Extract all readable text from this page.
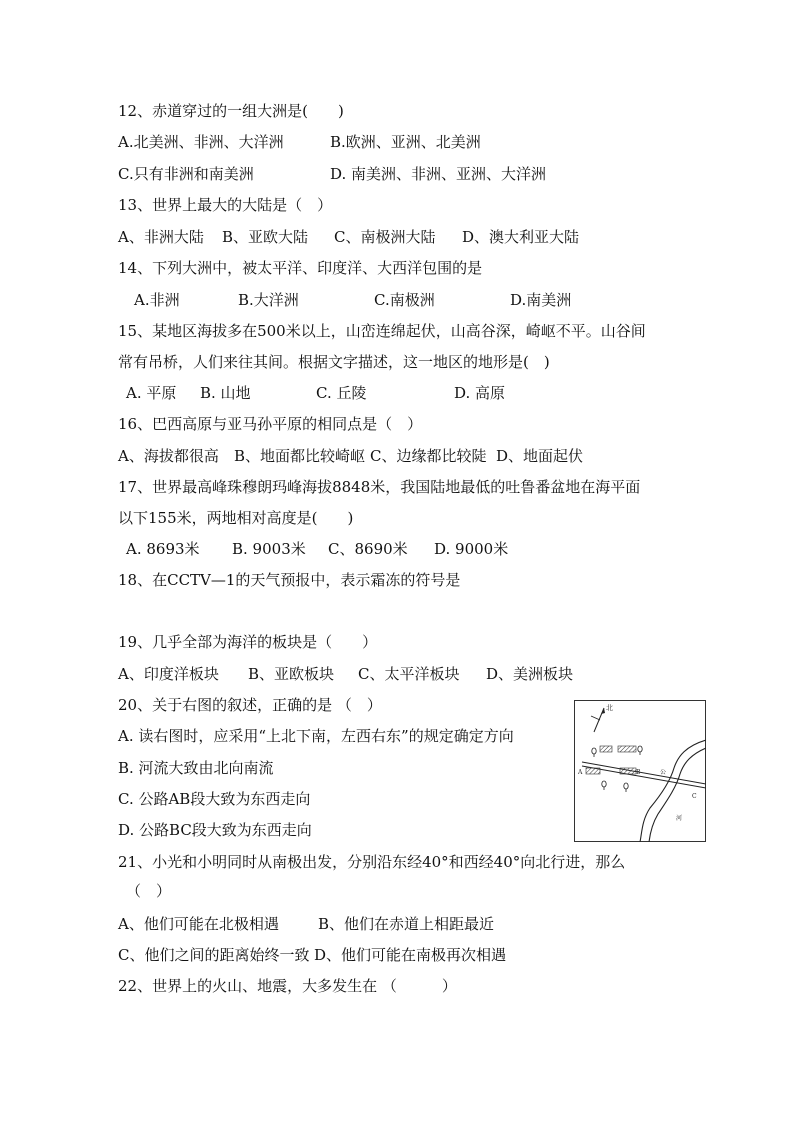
12、赤道穿过的一组大洲是(　　)
A.北美洲、非洲、大洋洲	B.欧洲、亚洲、北美洲
C.只有非洲和南美洲	D. 南美洲、非洲、亚洲、大洋洲
13、世界上最大的大陆是（　）
A、非洲大陆 B、亚欧大陆 C、南极洲大陆 D、澳大利亚大陆
14、下列大洲中，被太平洋、印度洋、大西洋包围的是
A.非洲	B.大洋洲	C.南极洲	D.南美洲
15、某地区海拔多在500米以上，山峦连绵起伏，山高谷深，崎岖不平。山谷间
常有吊桥，人们来往其间。根据文字描述，这一地区的地形是(　)
A. 平原 B. 山地	C. 丘陵	D. 高原
16、巴西高原与亚马孙平原的相同点是（　）
A、海拔都很高 B、地面都比较崎岖 C、边缘都比较陡 D、地面起伏
17、世界最高峰珠穆朗玛峰海拔8848米，我国陆地最低的吐鲁番盆地在海平面
以下155米，两地相对高度是(　　)
A. 8693米 B. 9003米 C、8690米 D. 9000米
18、在CCTV—1的天气预报中，表示霜冻的符号是
19、几乎全部为海洋的板块是（　　）
A、印度洋板块 B、亚欧板块 C、太平洋板块 D、美洲板块
20、关于右图的叙述，正确的是 （　）
A. 读右图时，应采用“上北下南，左西右东”的规定确定方向
B. 河流大致由北向南流
C. 公路AB段大致为东西走向
D. 公路BC段大致为东西走向
北
A	B
C
公
河
21、小光和小明同时从南极出发，分别沿东经40°和西经40°向北行进，那么
（　）
A、他们可能在北极相遇	B、他们在赤道上相距最近
C、他们之间的距离始终一致 D、他们可能在南极再次相遇
22、世界上的火山、地震，大多发生在 （　　　）
